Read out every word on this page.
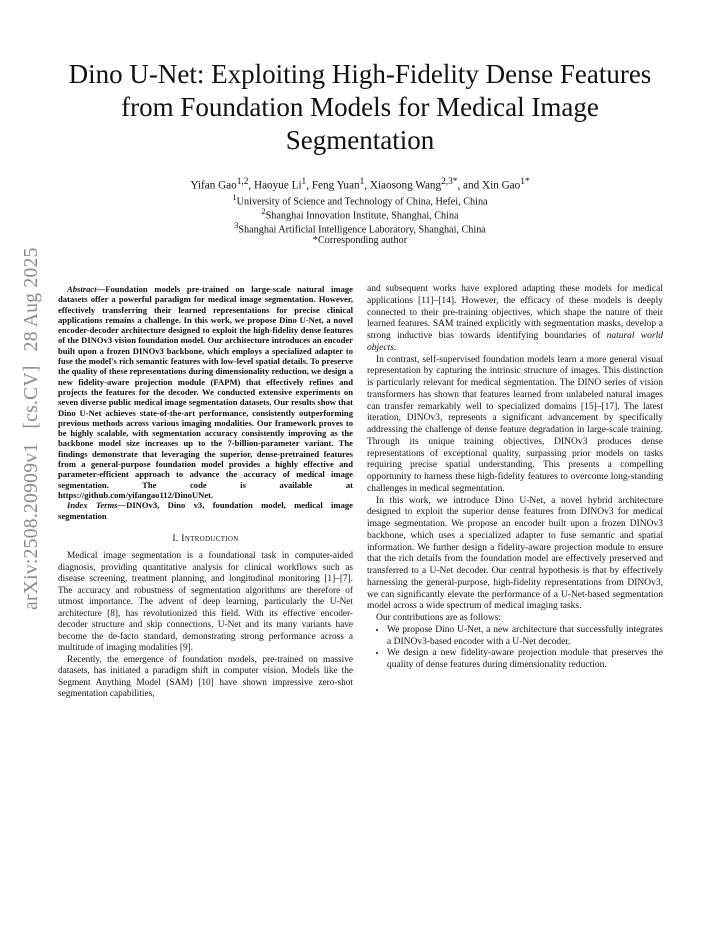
Dino U-Net: Exploiting High-Fidelity Dense Features from Foundation Models for Medical Image Segmentation
Yifan Gao$^{1,2}$, Haoyue Li$^1$, Feng Yuan$^1$, Xiaosong Wang$^{2,3*}$, and Xin Gao$^{1*}$
$^1$University of Science and Technology of China, Hefei, China
$^2$Shanghai Innovation Institute, Shanghai, China
$^3$Shanghai Artificial Intelligence Laboratory, Shanghai, China
*Corresponding author
arXiv:2508.20909v1[cs.CV]28 Aug 2025	Abstract—Foundation models pre-trained on large-scale natural image datasets offer a powerful paradigm for medical image segmentation. However, effectively transferring their learned representations for precise clinical applications remains a challenge. In this work, we propose Dino U-Net, a novel encoder-decoder architecture designed to exploit the high-fidelity dense features of the DINOv3 vision foundation model. Our architecture introduces an encoder built upon a frozen DINOv3 backbone, which employs a specialized adapter to fuse the model's rich semantic features with low-level spatial details. To preserve the quality of these representations during dimensionality reduction, we design a new fidelity-aware projection module (FAPM) that effectively refines and projects the features for the decoder. We conducted extensive experiments on seven diverse public medical image segmentation datasets. Our results show that Dino U-Net achieves state-of-the-art performance, consistently outperforming previous methods across various imaging modalities. Our framework proves to be highly scalable, with segmentation accuracy consistently improving as the backbone model size increases up to the 7-billion-parameter variant. The findings demonstrate that leveraging the superior, dense-pretrained features from a general-purpose foundation model provides a highly effective and parameter-efficient approach to advance the accuracy of medical image segmentation. The code is available at https://github.com/yifangao112/DinoUNet.

Index Terms—DINOv3, Dino v3, foundation model, medical image segmentation

I. Introduction

Medical image segmentation is a foundational task in computer-aided diagnosis, providing quantitative analysis for clinical workflows such as disease screening, treatment planning, and longitudinal monitoring [1]–[7]. The accuracy and robustness of segmentation algorithms are therefore of utmost importance. The advent of deep learning, particularly the U-Net architecture [8], has revolutionized this field. With its effective encoder-decoder structure and skip connections, U-Net and its many variants have become the de-facto standard, demonstrating strong performance across a multitude of imaging modalities [9].

Recently, the emergence of foundation models, pre-trained on massive datasets, has initiated a paradigm shift in computer vision. Models like the Segment Anything Model (SAM) [10] have shown impressive zero-shot segmentation capabilities,

and subsequent works have explored adapting these models for medical applications [11]–[14]. However, the efficacy of these models is deeply connected to their pre-training objectives, which shape the nature of their learned features. SAM trained explicitly with segmentation masks, develop a strong inductive bias towards identifying boundaries of natural world objects.

In contrast, self-supervised foundation models learn a more general visual representation by capturing the intrinsic structure of images. This distinction is particularly relevant for medical segmentation. The DINO series of vision transformers has shown that features learned from unlabeled natural images can transfer remarkably well to specialized domains [15]–[17]. The latest iteration, DINOv3, represents a significant advancement by specifically addressing the challenge of dense feature degradation in large-scale training. Through its unique training objectives, DINOv3 produces dense representations of exceptional quality, surpassing prior models on tasks requiring precise spatial understanding. This presents a compelling opportunity to harness these high-fidelity features to overcome long-standing challenges in medical segmentation.

In this work, we introduce Dino U-Net, a novel hybrid architecture designed to exploit the superior dense features from DINOv3 for medical image segmentation. We propose an encoder built upon a frozen DINOv3 backbone, which uses a specialized adapter to fuse semantic and spatial information. We further design a fidelity-aware projection module to ensure that the rich details from the foundation model are effectively preserved and transferred to a U-Net decoder. Our central hypothesis is that by effectively harnessing the general-purpose, high-fidelity representations from DINOv3, we can significantly elevate the performance of a U-Net-based segmentation model across a wide spectrum of medical imaging tasks.

Our contributions are as follows:

• We propose Dino U-Net, a new architecture that successfully integrates a DINOv3-based encoder with a U-Net decoder.
• We design a new fidelity-aware projection module that preserves the quality of dense features during dimensionality reduction.
